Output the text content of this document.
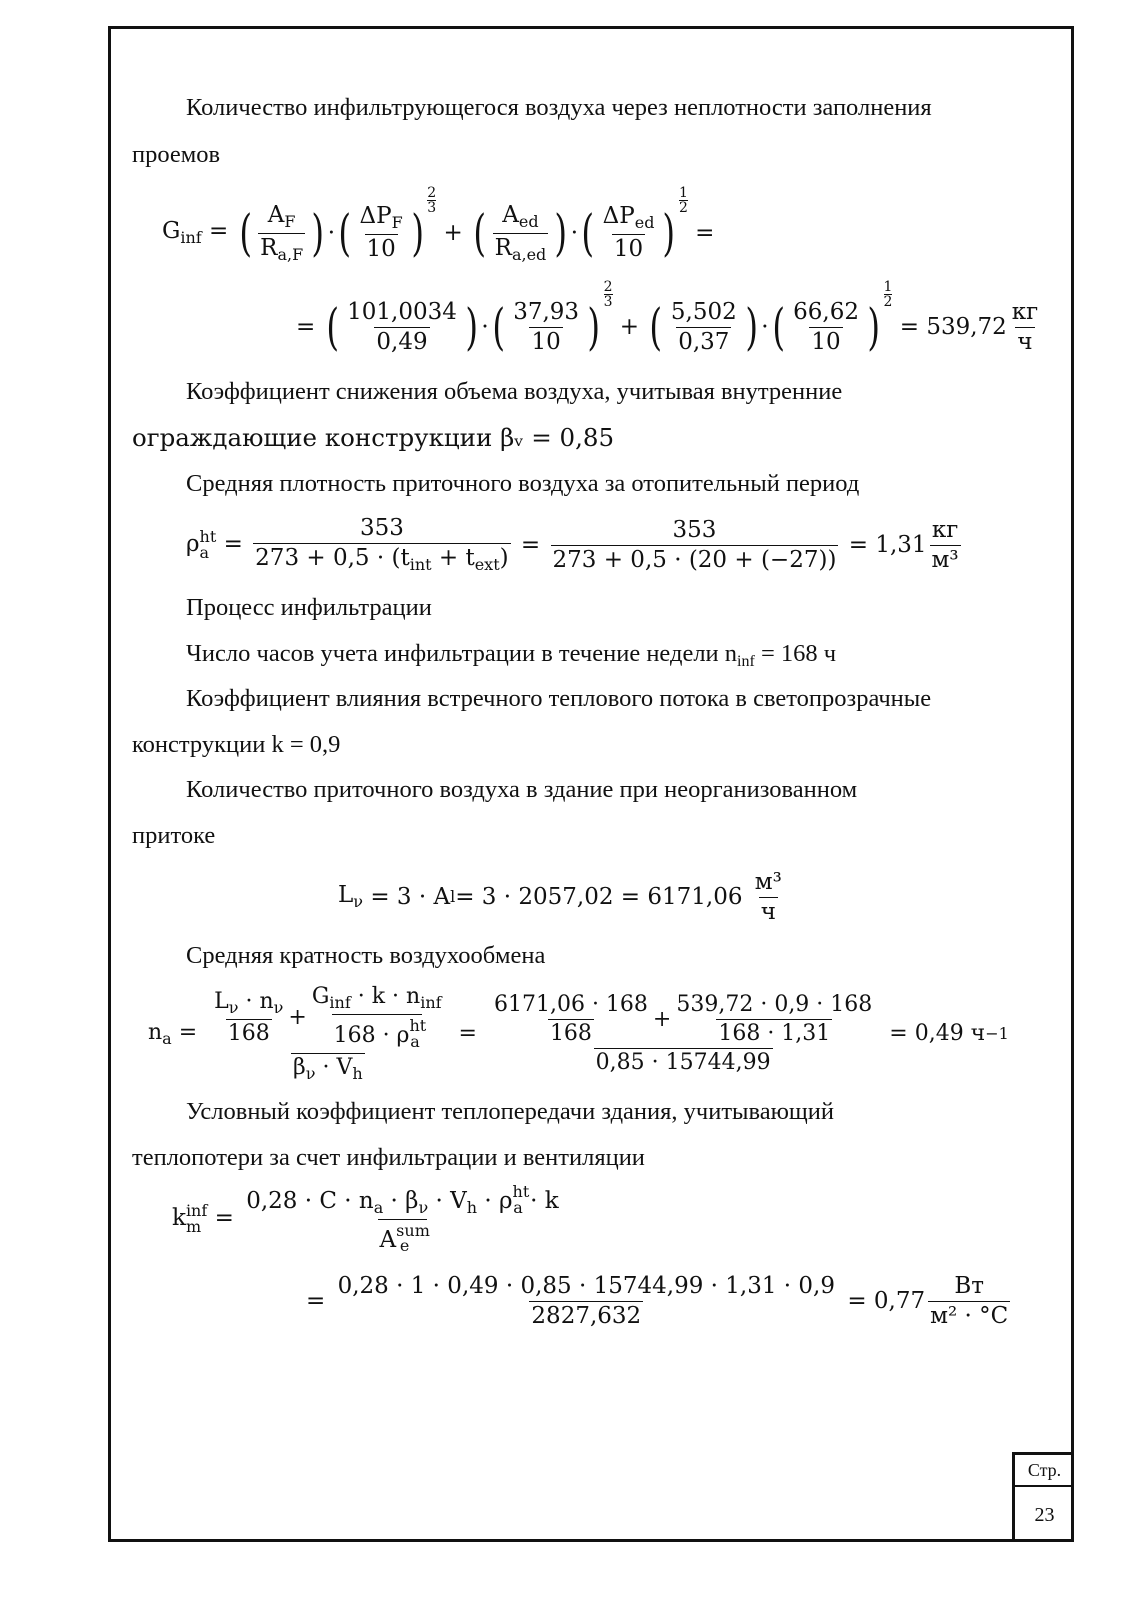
Количество инфильтрующегося воздуха через неплотности заполнения
проемов
$G_{inf}$ = ( $\frac{A_F}{R_{a,F}}$ ) · ( $\frac{\Delta P_F}{10}$ )
2
3
+ ( $\frac{A_{ed}}{R_{a,ed}}$ ) · ( $\frac{\Delta P_{ed}}{10}$ )
$\frac{1}{2}$
=
= ( $\frac{101,0034}{0,49}$ ) · ( $\frac{37,93}{10}$ )
2
3
+ ( $\frac{5,502}{0,37}$ ) · ( $\frac{66,62}{10}$ )
1
2

= $539,72 \frac{кг}{ч}$
Коэффициент снижения объема воздуха, учитывая внутренние
ограждающие конструкции βᵥ = 0,85
Средняя плотность приточного воздуха за отопительный период
ρ ht
$a = \frac{353}{273 + 0,5 \cdot (t_{int} + t_{ext})} = \frac{353}{273 + 0,5 \cdot (20 + (-27))}$
= $1,31 \frac{кг}{\text{м³}}$
Процесс инфильтрации
Число часов учета инфильтрации в течение недели $n_{inf} = 168$ ч
Коэффициент влияния встречного теплового потока в светопрозрачные
конструкции k = 0,9
Количество приточного воздуха в здание при неорганизованном
притоке
$L_\nu = 3 \cdot A$ l = 3 · 2057,02 = 6171,06
$\frac{\text{м³}}{ч}$
Средняя кратность воздухообмена
$n_a = \frac{\frac{L_\nu \cdot n_\nu}{168} + \frac{G_{inf} \cdot k \cdot n_{inf}}{168 \cdot \rho^{ht}_a}}{\beta_\nu \cdot V_h} = \frac{\frac{6171,06 \cdot 168}{168} + \frac{539,72 \cdot 0,9 \cdot 168}{168 \cdot 1,31}}{0,85 \cdot 15744,99}$
= 0,49 ч −1
Условный коэффициент теплопередачи здания, учитывающий
теплопотери за счет инфильтрации и вентиляции
k inf
$m = \frac{0,28 \cdot C \cdot n_a \cdot \beta_\nu \cdot V_h \cdot \rho^{ht}_a \cdot k}{A^{sum}_e}$
= $\frac{0,28 \cdot 1 \cdot 0,49 \cdot 0,85 \cdot 15744,99 \cdot 1,31 \cdot 0,9}{2827,632}$
= $0,77 \frac{Вт}{\text{м² · °C}}$
Стр.
23
